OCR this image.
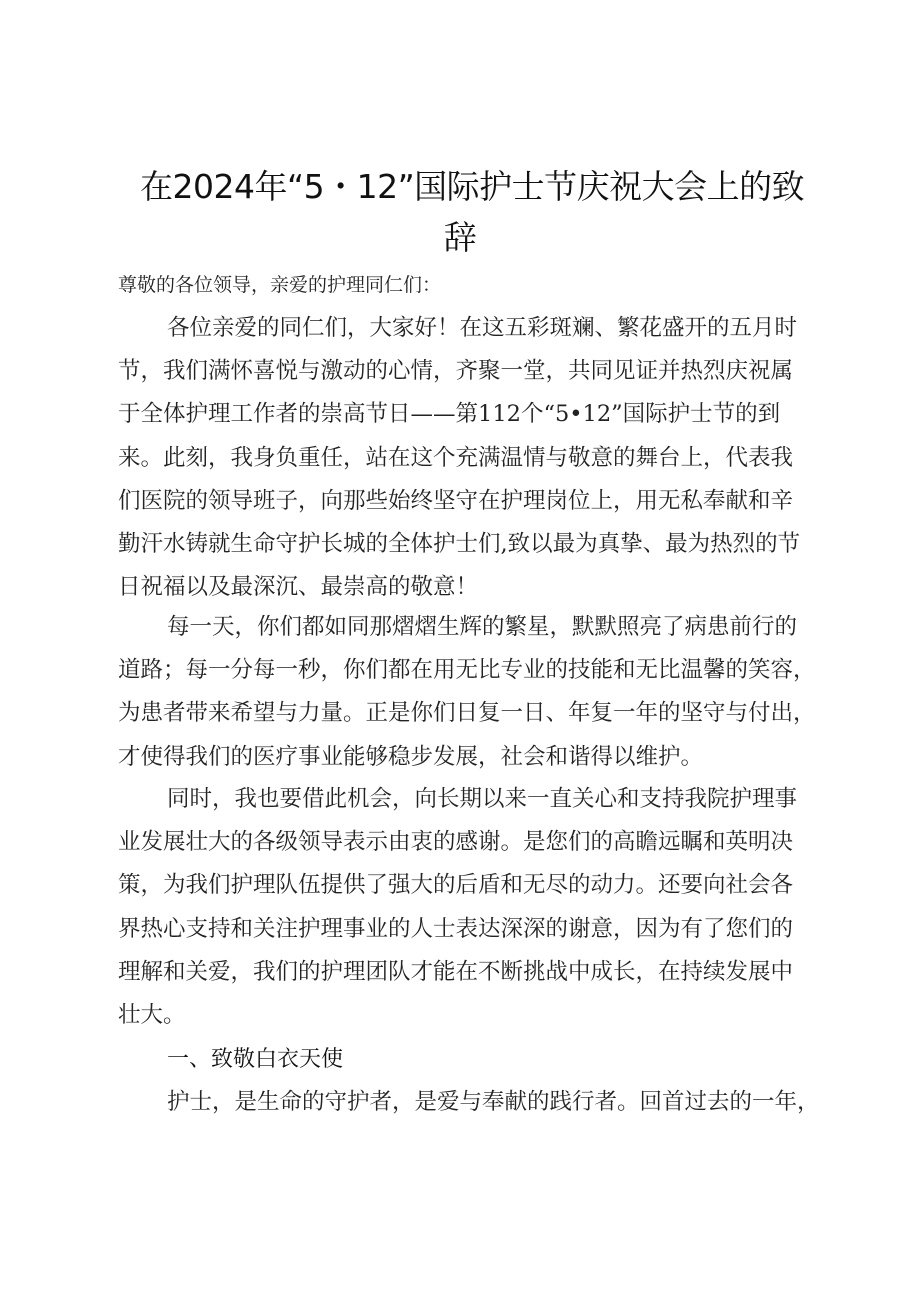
在2024年“5・12”国际护士节庆祝大会上的致
辞
尊敬的各位领导，亲爱的护理同仁们：
各位亲爱的同仁们，大家好！在这五彩斑斓、繁花盛开的五月时
节，我们满怀喜悦与激动的心情，齐聚一堂，共同见证并热烈庆祝属
于全体护理工作者的崇高节日——第112个“5•12”国际护士节的到
来。此刻，我身负重任，站在这个充满温情与敬意的舞台上，代表我
们医院的领导班子，向那些始终坚守在护理岗位上，用无私奉献和辛
勤汗水铸就生命守护长城的全体护士们,致以最为真挚、最为热烈的节
日祝福以及最深沉、最崇高的敬意！
每一天，你们都如同那熠熠生辉的繁星，默默照亮了病患前行的
道路；每一分每一秒，你们都在用无比专业的技能和无比温馨的笑容，
为患者带来希望与力量。正是你们日复一日、年复一年的坚守与付出，
才使得我们的医疗事业能够稳步发展，社会和谐得以维护。
同时，我也要借此机会，向长期以来一直关心和支持我院护理事
业发展壮大的各级领导表示由衷的感谢。是您们的高瞻远瞩和英明决
策，为我们护理队伍提供了强大的后盾和无尽的动力。还要向社会各
界热心支持和关注护理事业的人士表达深深的谢意，因为有了您们的
理解和关爱，我们的护理团队才能在不断挑战中成长，在持续发展中
壮大。
一、致敬白衣天使
护士，是生命的守护者，是爱与奉献的践行者。回首过去的一年，
